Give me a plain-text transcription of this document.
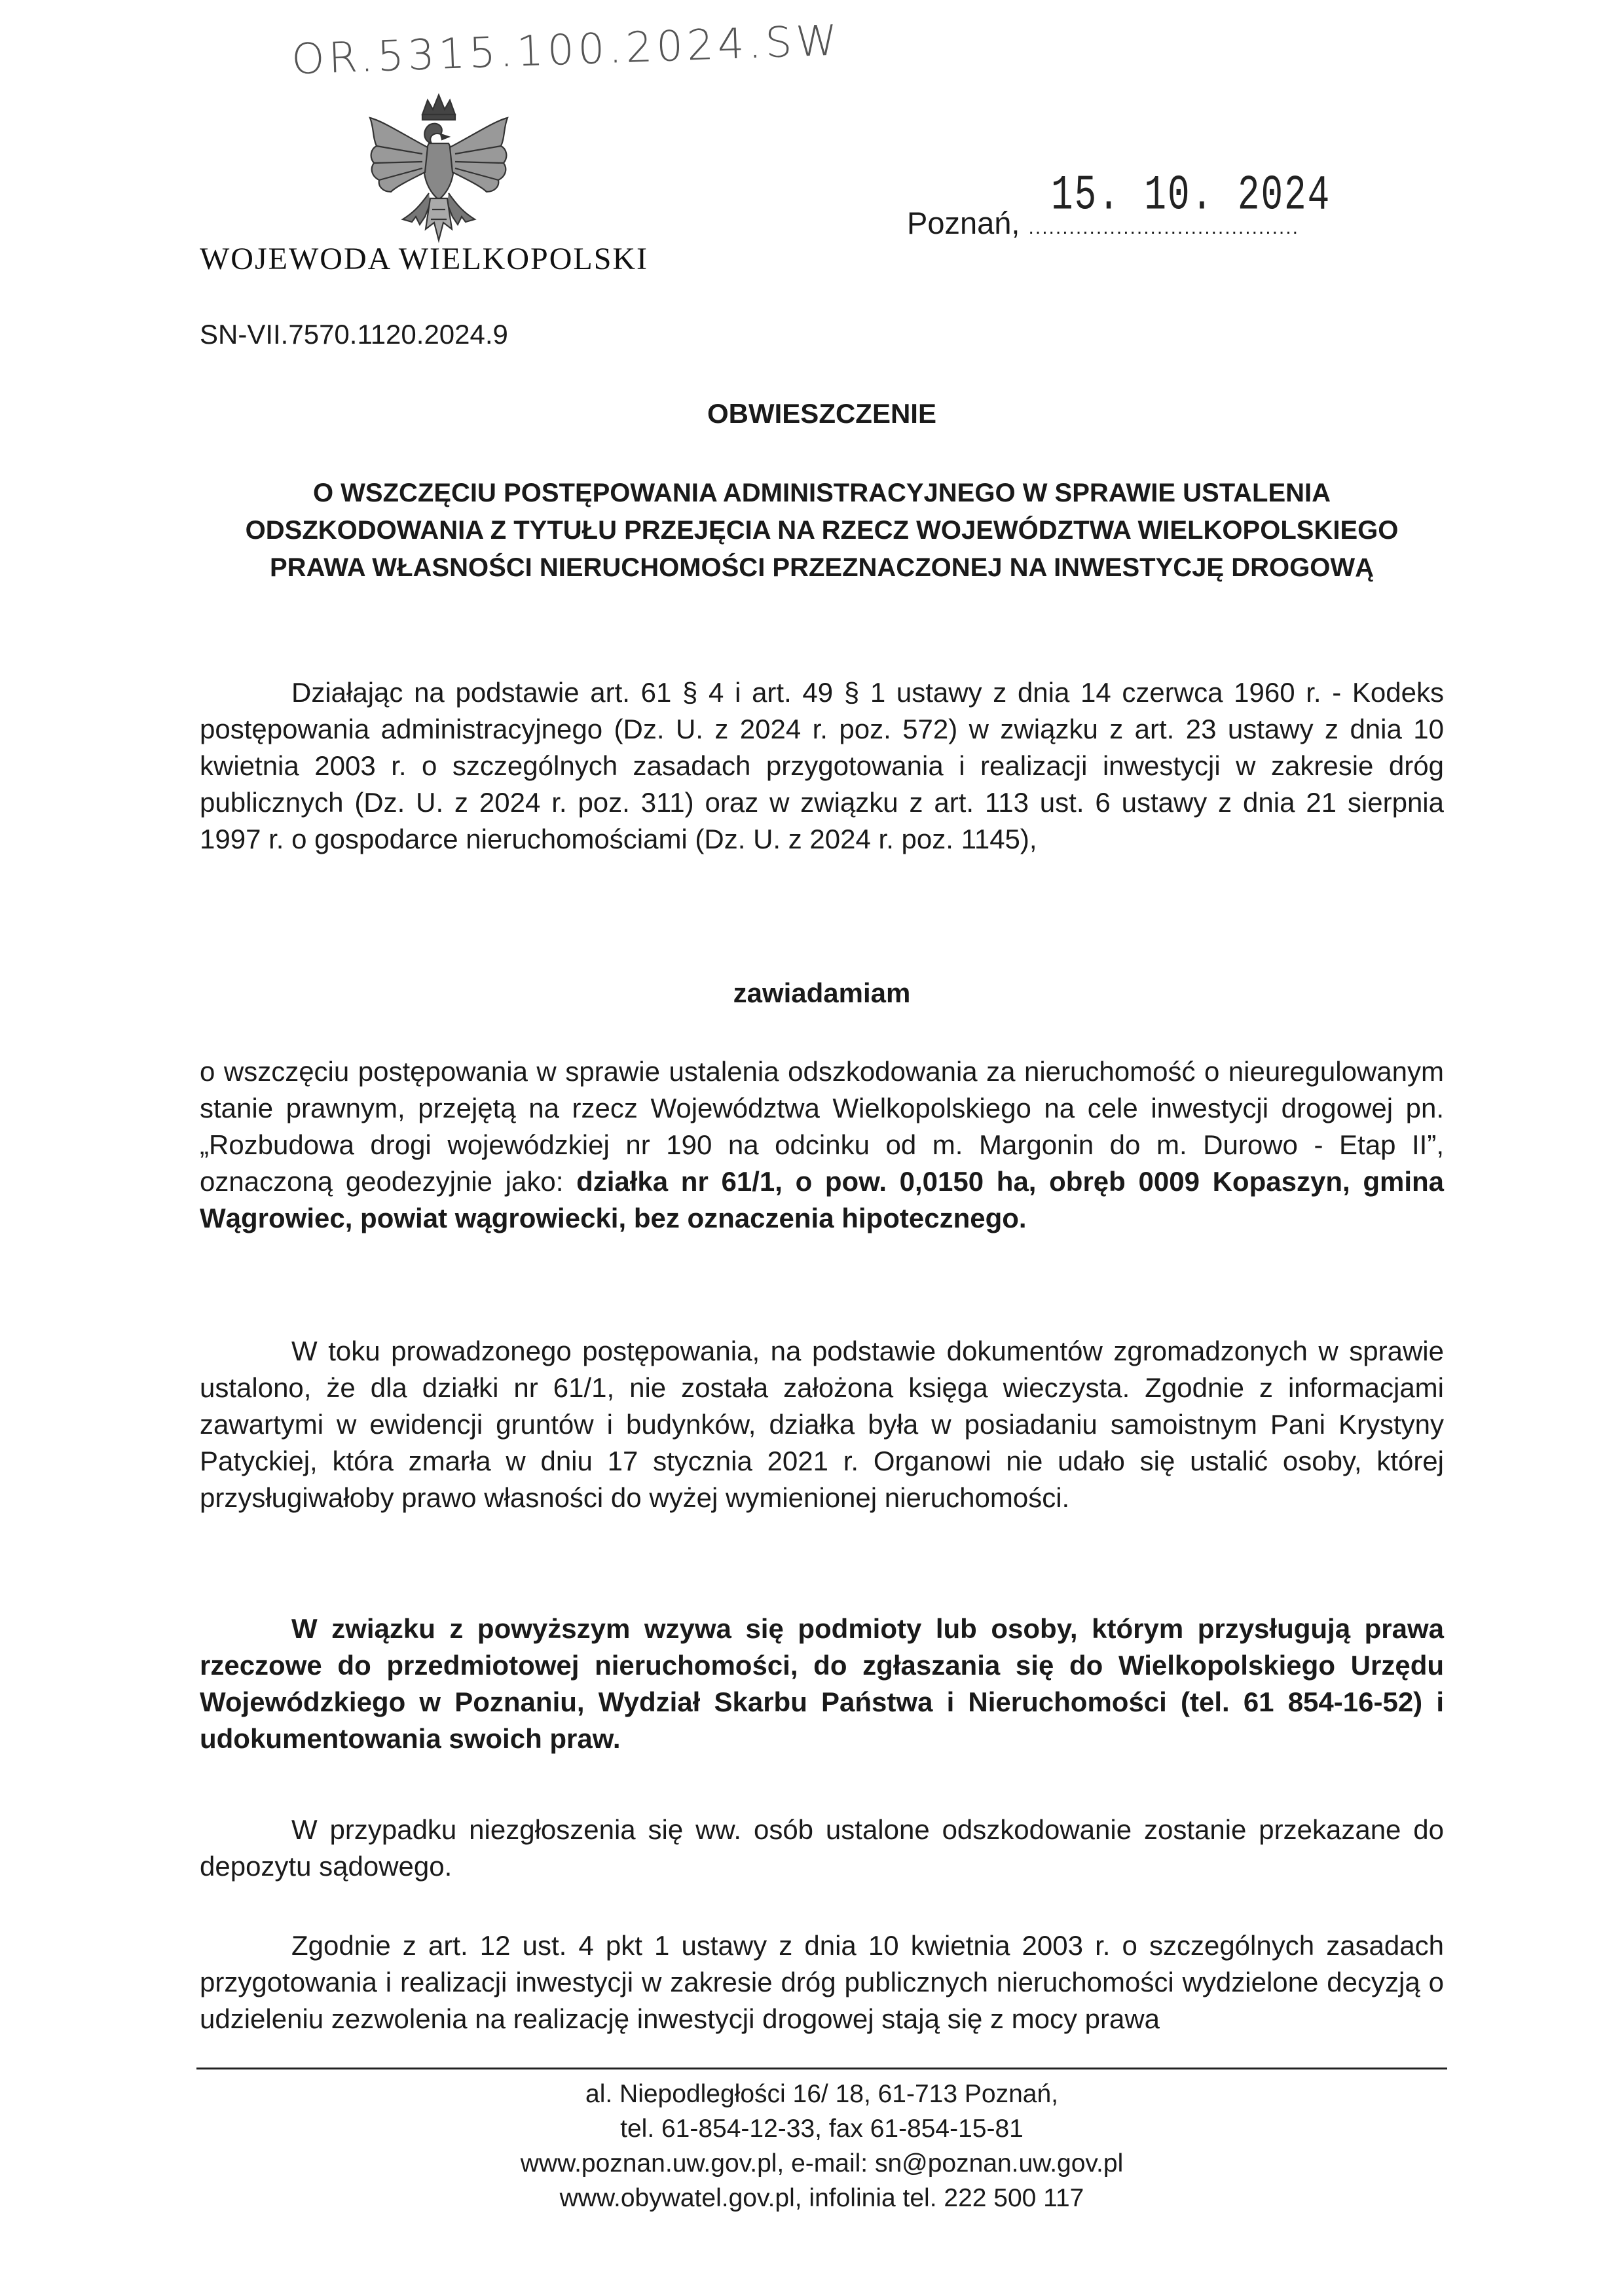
OR.5315.100.2024.SW
WOJEWODA WIELKOPOLSKI
15. 10. 2024
Poznań, ........................................
SN-VII.7570.1120.2024.9
OBWIESZCZENIE
O WSZCZĘCIU POSTĘPOWANIA ADMINISTRACYJNEGO W SPRAWIE USTALENIA
ODSZKODOWANIA Z TYTUŁU PRZEJĘCIA NA RZECZ WOJEWÓDZTWA WIELKOPOLSKIEGO
PRAWA WŁASNOŚCI NIERUCHOMOŚCI PRZEZNACZONEJ NA INWESTYCJĘ DROGOWĄ
Działając na podstawie art. 61 § 4 i art. 49 § 1 ustawy z dnia 14 czerwca 1960 r. - Kodeks postępowania administracyjnego (Dz. U. z 2024 r. poz. 572) w związku z art. 23 ustawy z dnia 10 kwietnia 2003 r. o szczególnych zasadach przygotowania i realizacji inwestycji w zakresie dróg publicznych (Dz. U. z 2024 r. poz. 311) oraz w związku z art. 113 ust. 6 ustawy z dnia 21 sierpnia 1997 r. o gospodarce nieruchomościami (Dz. U. z 2024 r. poz. 1145),
zawiadamiam
o wszczęciu postępowania w sprawie ustalenia odszkodowania za nieruchomość o nieuregulowanym stanie prawnym, przejętą na rzecz Województwa Wielkopolskiego na cele inwestycji drogowej pn. „Rozbudowa drogi wojewódzkiej nr 190 na odcinku od m. Margonin do m. Durowo - Etap II”, oznaczoną geodezyjnie jako: działka nr 61/1, o pow. 0,0150 ha, obręb 0009 Kopaszyn, gmina Wągrowiec, powiat wągrowiecki, bez oznaczenia hipotecznego.
W toku prowadzonego postępowania, na podstawie dokumentów zgromadzonych w sprawie ustalono, że dla działki nr 61/1, nie została założona księga wieczysta. Zgodnie z informacjami zawartymi w ewidencji gruntów i budynków, działka była w posiadaniu samoistnym Pani Krystyny Patyckiej, która zmarła w dniu 17 stycznia 2021 r. Organowi nie udało się ustalić osoby, której przysługiwałoby prawo własności do wyżej wymienionej nieruchomości.
W związku z powyższym wzywa się podmioty lub osoby, którym przysługują prawa rzeczowe do przedmiotowej nieruchomości, do zgłaszania się do Wielkopolskiego Urzędu Wojewódzkiego w Poznaniu, Wydział Skarbu Państwa i Nieruchomości (tel. 61 854-16-52) i udokumentowania swoich praw.
W przypadku niezgłoszenia się ww. osób ustalone odszkodowanie zostanie przekazane do depozytu sądowego.
Zgodnie z art. 12 ust. 4 pkt 1 ustawy z dnia 10 kwietnia 2003 r. o szczególnych zasadach przygotowania i realizacji inwestycji w zakresie dróg publicznych nieruchomości wydzielone decyzją o udzieleniu zezwolenia na realizację inwestycji drogowej stają się z mocy prawa
al. Niepodległości 16/ 18, 61-713 Poznań,
tel. 61-854-12-33, fax 61-854-15-81
www.poznan.uw.gov.pl, e-mail: sn@poznan.uw.gov.pl
www.obywatel.gov.pl, infolinia tel. 222 500 117
